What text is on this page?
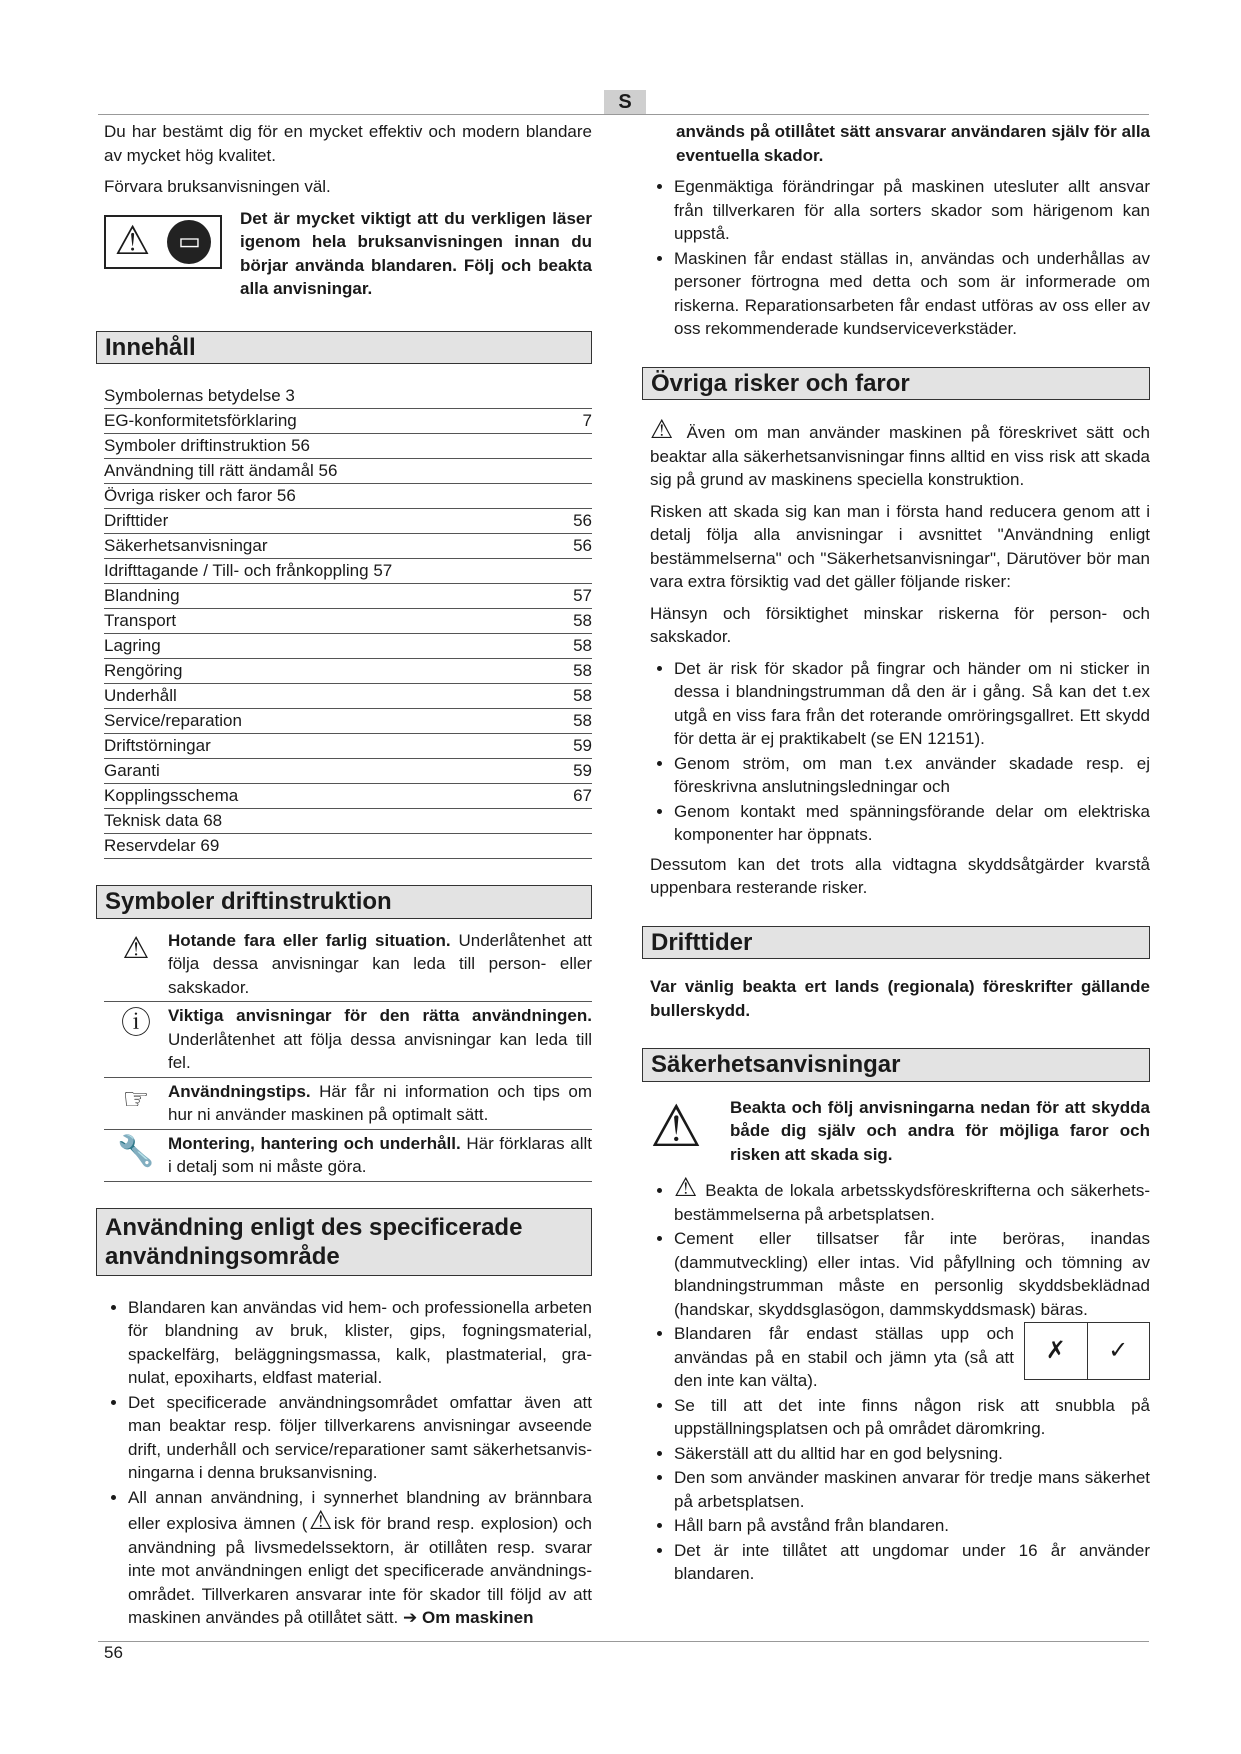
S

Du har bestämt dig för en mycket effektiv och modern blandare av mycket hög kvalitet.

Förvara bruksanvisningen väl.

⚠	▭
Det är mycket viktigt att du verkligen läser igenom hela bruksanvisningen innan du börjar använda blandaren. Följ och beakta alla anvisningar.
Innehåll
Symbolernas betydelse 3
EG-konformitetsförklaring	7
Symboler driftinstruktion 56
Användning till rätt ändamål 56
Övriga risker och faror 56
Drifttider	56
Säkerhetsanvisningar	56
Idrifttagande / Till- och frånkoppling 57
Blandning	57
Transport	58
Lagring	58
Rengöring	58
Underhåll	58
Service/reparation	58
Driftstörningar	59
Garanti	59
Kopplingsschema	67
Teknisk data 68
Reservdelar 69
Symboler driftinstruktion
⚠	Hotande fara eller farlig situation. Underlåtenhet att följa dessa anvisningar kan leda till person- eller sakskador.
ⓘ	Viktiga anvisningar för den rätta användningen. Underlåtenhet att följa dessa anvisningar kan leda till fel.
☞	Användningstips. Här får ni information och tips om hur ni använder maskinen på optimalt sätt.
🔧 Montering, hantering och underhåll. Här förklaras allt i detalj som ni måste göra.
Användning enligt des specificerade användningsområde
• Blandaren kan användas vid hem- och professionella arbeten för blandning av bruk, klister, gips, fogningsmaterial, spackelfärg, beläggningsmassa, kalk, plastmaterial, gra-nulat, epoxiharts, eldfast material.
• Det specificerade användningsområdet omfattar även att man beaktar resp. följer tillverkarens anvisningar avseende drift, underhåll och service/reparationer samt säkerhetsanvis-ningarna i denna bruksanvisning.
• All annan användning, i synnerhet blandning av brännbara eller explosiva ämnen (⚠isk för brand resp. explosion) och användning på livsmedelssektorn, är otillåten resp. svarar inte mot användningen enligt det specificerade användnings-området. Tillverkaren ansvarar inte för skador till följd av att maskinen användes på otillåtet sätt. ➔ Om maskinen

används på otillåtet sätt ansvarar användaren själv för alla eventuella skador.

• Egenmäktiga förändringar på maskinen utesluter allt ansvar från tillverkaren för alla sorters skador som härigenom kan uppstå.
• Maskinen får endast ställas in, användas och underhållas av personer förtrogna med detta och som är informerade om riskerna. Reparationsarbeten får endast utföras av oss eller av oss rekommenderade kundserviceverkstäder.
Övriga risker och faror

⚠ Även om man använder maskinen på föreskrivet sätt och beaktar alla säkerhetsanvisningar finns alltid en viss risk att skada sig på grund av maskinens speciella konstruktion.

Risken att skada sig kan man i första hand reducera genom att i detalj följa alla anvisningar i avsnittet "Användning enligt bestämmelserna" och "Säkerhetsanvisningar", Därutöver bör man vara extra försiktig vad det gäller följande risker:

Hänsyn och försiktighet minskar riskerna för person- och sakskador.

• Det är risk för skador på fingrar och händer om ni sticker in dessa i blandningstrumman då den är i gång. Så kan det t.ex utgå en viss fara från det roterande omröringsgallret. Ett skydd för detta är ej praktikabelt (se EN 12151).
• Genom ström, om man t.ex använder skadade resp. ej föreskrivna anslutningsledningar och
• Genom kontakt med spänningsförande delar om elektriska komponenter har öppnats.

Dessutom kan det trots alla vidtagna skyddsåtgärder kvarstå uppenbara resterande risker.

Drifttider

Var vänlig beakta ert lands (regionala) föreskrifter gällande bullerskydd.

Säkerhetsanvisningar
⚠	Beakta och följ anvisningarna nedan för att skydda både dig själv och andra för möjliga faror och risken att skada sig.
• ⚠ Beakta de lokala arbetsskydsföreskrifterna och säkerhets-bestämmelserna på arbetsplatsen.
• Cement eller tillsatser får inte beröras, inandas (dammutveckling) eller intas. Vid påfyllning och tömning av blandningstrumman måste en personlig skyddsbeklädnad (handskar, skyddsglasögon, dammskyddsmask) bäras.
• ✗	✓
Blandaren får endast ställas upp och användas på en stabil och jämn yta (så att den inte kan välta).
• Se till att det inte finns någon risk att snubbla på uppställningsplatsen och på området däromkring.
• Säkerställ att du alltid har en god belysning.
• Den som använder maskinen anvarar för tredje mans säkerhet på arbetsplatsen.
• Håll barn på avstånd från blandaren.
• Det är inte tillåtet att ungdomar under 16 år använder blandaren.
56
